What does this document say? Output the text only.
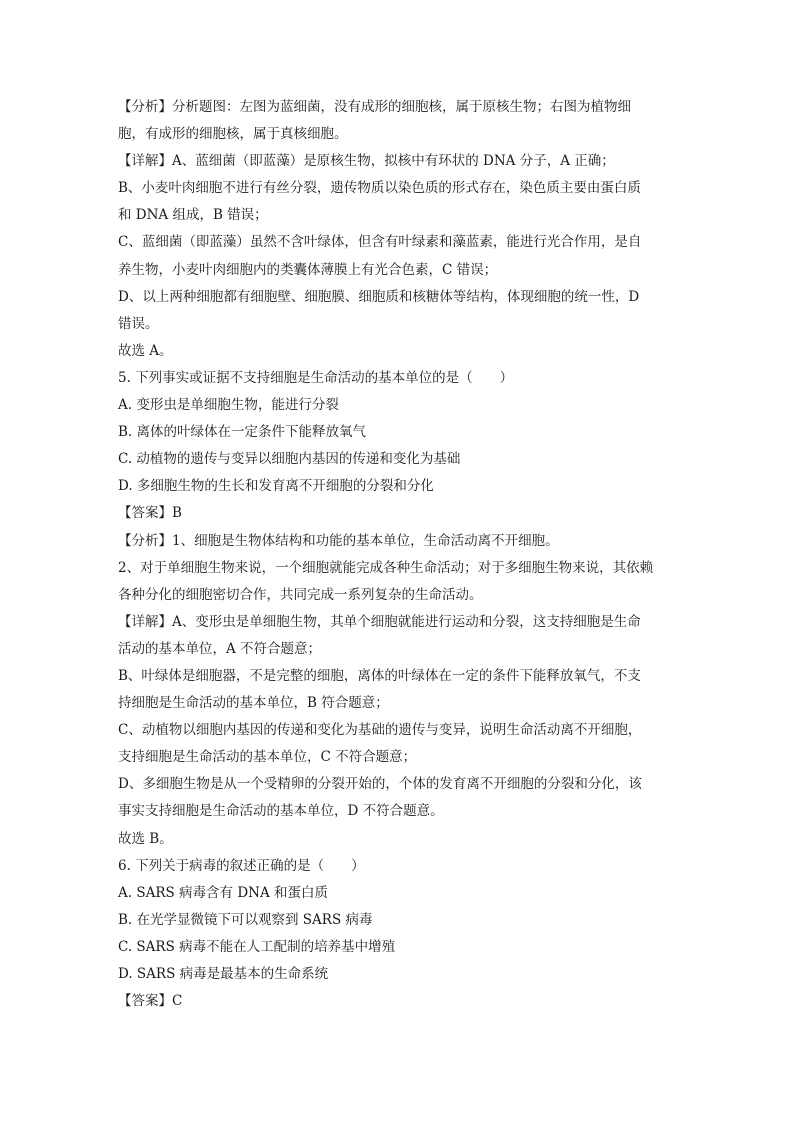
【分析】分析题图：左图为蓝细菌，没有成形的细胞核，属于原核生物；右图为植物细
胞，有成形的细胞核，属于真核细胞。
【详解】A、蓝细菌（即蓝藻）是原核生物，拟核中有环状的 DNA 分子，A 正确；
B、小麦叶肉细胞不进行有丝分裂，遗传物质以染色质的形式存在，染色质主要由蛋白质
和 DNA 组成，B 错误；
C、蓝细菌（即蓝藻）虽然不含叶绿体，但含有叶绿素和藻蓝素，能进行光合作用，是自
养生物，小麦叶肉细胞内的类囊体薄膜上有光合色素，C 错误；
D、以上两种细胞都有细胞壁、细胞膜、细胞质和核糖体等结构，体现细胞的统一性，D
错误。
故选 A。
5. 下列事实或证据不支持细胞是生命活动的基本单位的是（　　）
A. 变形虫是单细胞生物，能进行分裂
B. 离体的叶绿体在一定条件下能释放氧气
C. 动植物的遗传与变异以细胞内基因的传递和变化为基础
D. 多细胞生物的生长和发育离不开细胞的分裂和分化
【答案】B
【分析】1、细胞是生物体结构和功能的基本单位，生命活动离不开细胞。
2、对于单细胞生物来说，一个细胞就能完成各种生命活动；对于多细胞生物来说，其依赖
各种分化的细胞密切合作，共同完成一系列复杂的生命活动。
【详解】A、变形虫是单细胞生物，其单个细胞就能进行运动和分裂，这支持细胞是生命
活动的基本单位，A 不符合题意；
B、叶绿体是细胞器，不是完整的细胞，离体的叶绿体在一定的条件下能释放氧气，不支
持细胞是生命活动的基本单位，B 符合题意；
C、动植物以细胞内基因的传递和变化为基础的遗传与变异，说明生命活动离不开细胞，
支持细胞是生命活动的基本单位，C 不符合题意；
D、多细胞生物是从一个受精卵的分裂开始的，个体的发育离不开细胞的分裂和分化，该
事实支持细胞是生命活动的基本单位，D 不符合题意。
故选 B。
6. 下列关于病毒的叙述正确的是（　　）
A. SARS 病毒含有 DNA 和蛋白质
B. 在光学显微镜下可以观察到 SARS 病毒
C. SARS 病毒不能在人工配制的培养基中增殖
D. SARS 病毒是最基本的生命系统
【答案】C
